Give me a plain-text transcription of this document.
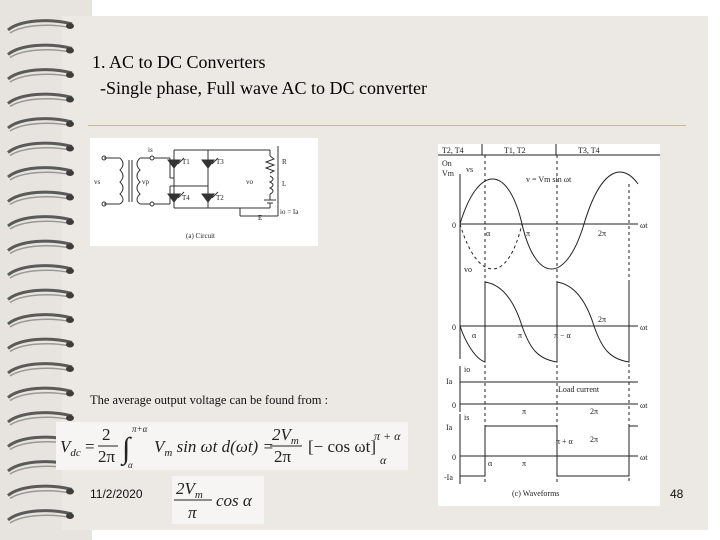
1. AC to DC Converters
-Single phase, Full wave AC to DC converter
vs	vp
is
T1	T3
T4	T2
vo
R
L
E
io = Ia
(a) Circuit
T2, T4	T1, T2	T3, T4
On
Vm vs
v = Vm sin ωt
0
α	π	2π
ωt
vo
0
α	π	π − α
2π
ωt
io
Ia
Load current
0
π	2π
ωt
is
Ia
π + α 2π
0
α	π
ωt
-Ia
(c) Waveforms
The average output voltage can be found from :
$V_{dc}$ =
2
2π ∫
π+α
α
$V_m$ sin ωt d(ωt) =
$2V_m$
2π
[− cos ωt]
π + α
α
$2V_m$
π
cos α
11/2/2020	48
